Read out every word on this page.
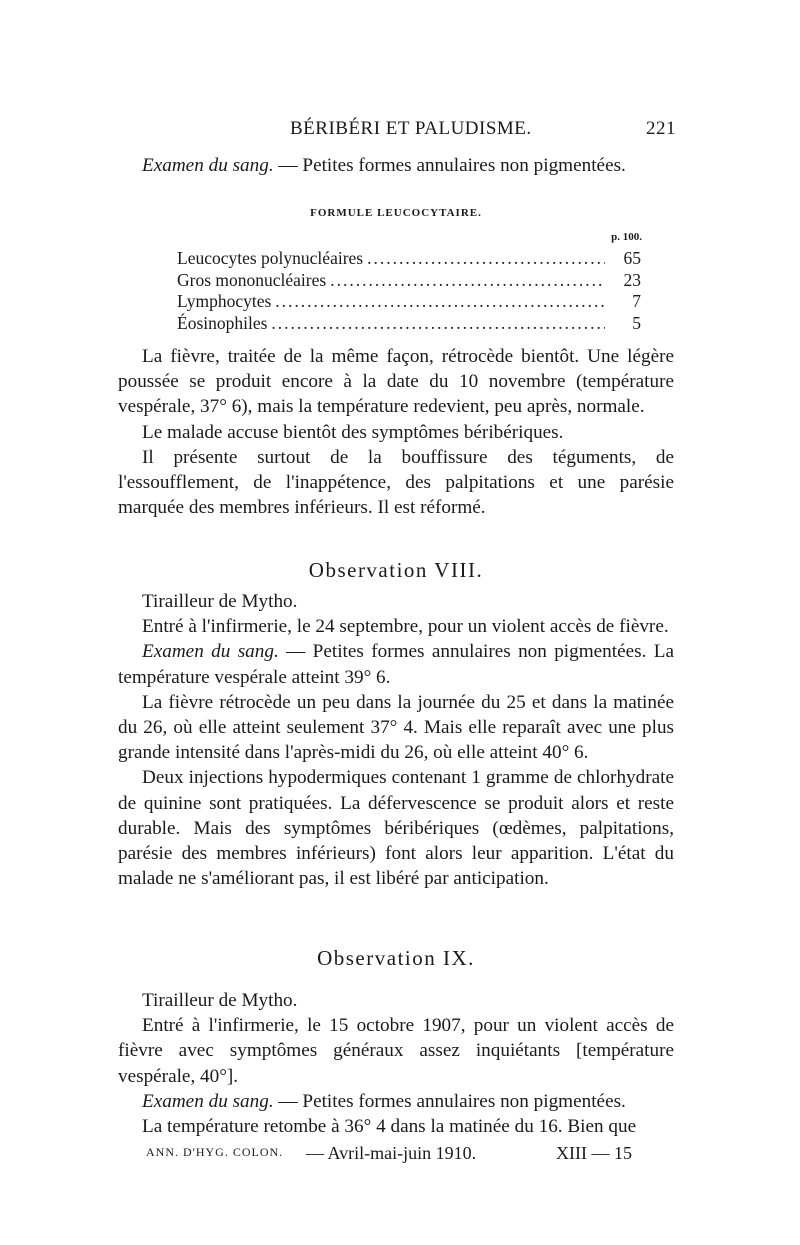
BÉRIBÉRI ET PALUDISME.	221

Examen du sang. — Petites formes annulaires non pigmentées.

FORMULE LEUCOCYTAIRE.
p. 100.
Leucocytes polynucléaires .....	65
Gros mononucléaires .....	23
Lymphocytes .....	7
Éosinophiles .....	5

La fièvre, traitée de la même façon, rétrocède bientôt. Une légère poussée se produit encore à la date du 10 novembre (température vespérale, 37° 6), mais la température redevient, peu après, normale.

Le malade accuse bientôt des symptômes béribériques.

Il présente surtout de la bouffissure des téguments, de l'essoufflement, de l'inappétence, des palpitations et une parésie marquée des membres inférieurs. Il est réformé.

Observation VIII.

Tirailleur de Mytho.

Entré à l'infirmerie, le 24 septembre, pour un violent accès de fièvre.

Examen du sang. — Petites formes annulaires non pigmentées. La température vespérale atteint 39° 6.

La fièvre rétrocède un peu dans la journée du 25 et dans la matinée du 26, où elle atteint seulement 37° 4. Mais elle reparaît avec une plus grande intensité dans l'après-midi du 26, où elle atteint 40° 6.

Deux injections hypodermiques contenant 1 gramme de chlorhydrate de quinine sont pratiquées. La défervescence se produit alors et reste durable. Mais des symptômes béribériques (œdèmes, palpitations, parésie des membres inférieurs) font alors leur apparition. L'état du malade ne s'améliorant pas, il est libéré par anticipation.

Observation IX.

Tirailleur de Mytho.

Entré à l'infirmerie, le 15 octobre 1907, pour un violent accès de fièvre avec symptômes généraux assez inquiétants [température vespérale, 40°].

Examen du sang. — Petites formes annulaires non pigmentées.

La température retombe à 36° 4 dans la matinée du 16. Bien que

ANN. D'HYG. COLON. — Avril-mai-juin 1910.	XIII — 15
